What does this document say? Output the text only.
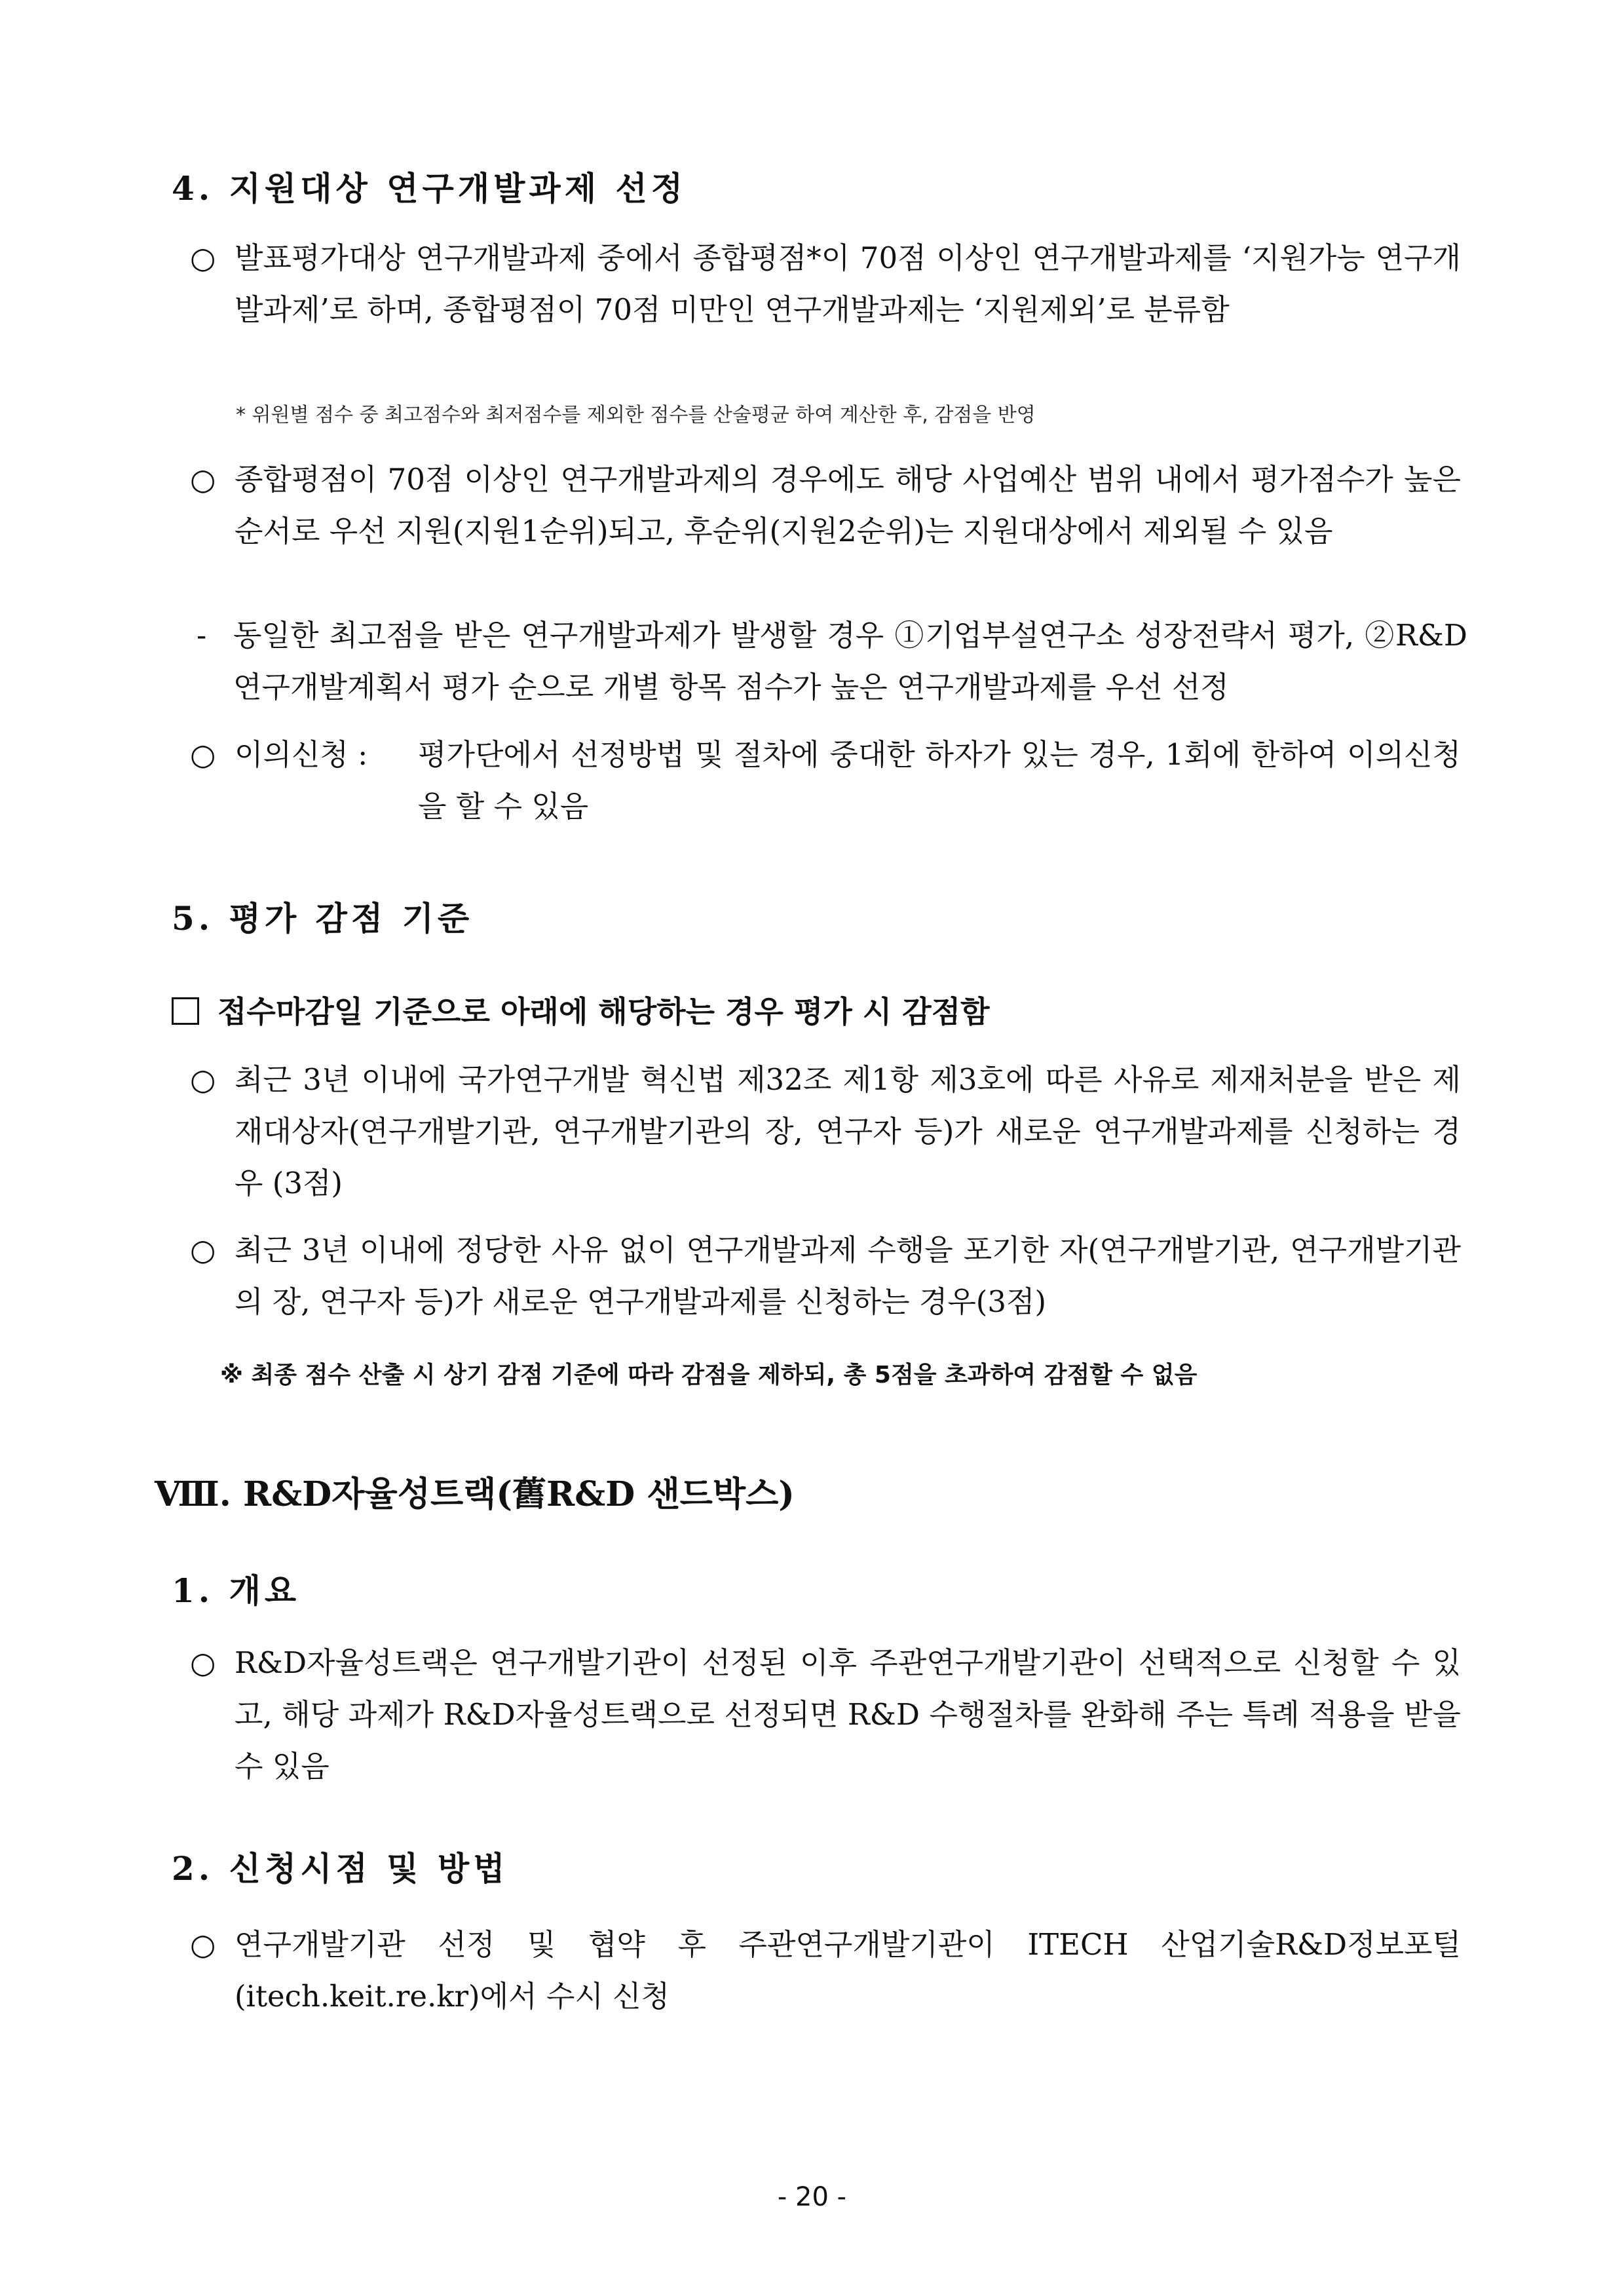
4. 지원대상 연구개발과제 선정
○ 발표평가대상 연구개발과제 중에서 종합평점*이 70점 이상인 연구개발과제를 ‘지원가능 연구개발과제’로 하며, 종합평점이 70점 미만인 연구개발과제는 ‘지원제외’로 분류함
* 위원별 점수 중 최고점수와 최저점수를 제외한 점수를 산술평균 하여 계산한 후, 감점을 반영
○ 종합평점이 70점 이상인 연구개발과제의 경우에도 해당 사업예산 범위 내에서 평가점수가 높은 순서로 우선 지원(지원1순위)되고, 후순위(지원2순위)는 지원대상에서 제외될 수 있음
- 동일한 최고점을 받은 연구개발과제가 발생할 경우 ①기업부설연구소 성장전략서 평가, ②R&D 연구개발계획서 평가 순으로 개별 항목 점수가 높은 연구개발과제를 우선 선정
○ 이의신청 : 평가단에서 선정방법 및 절차에 중대한 하자가 있는 경우, 1회에 한하여 이의신청을 할 수 있음
5. 평가 감점 기준
접수마감일 기준으로 아래에 해당하는 경우 평가 시 감점함
○ 최근 3년 이내에 국가연구개발 혁신법 제32조 제1항 제3호에 따른 사유로 제재처분을 받은 제재대상자(연구개발기관, 연구개발기관의 장, 연구자 등)가 새로운 연구개발과제를 신청하는 경우 (3점)
○ 최근 3년 이내에 정당한 사유 없이 연구개발과제 수행을 포기한 자(연구개발기관, 연구개발기관의 장, 연구자 등)가 새로운 연구개발과제를 신청하는 경우(3점)
※ 최종 점수 산출 시 상기 감점 기준에 따라 감점을 제하되, 총 5점을 초과하여 감점할 수 없음
Ⅷ. R&D자율성트랙(舊R&D 샌드박스)
1. 개요
○ R&D자율성트랙은 연구개발기관이 선정된 이후 주관연구개발기관이 선택적으로 신청할 수 있고, 해당 과제가 R&D자율성트랙으로 선정되면 R&D 수행절차를 완화해 주는 특례 적용을 받을 수 있음
2. 신청시점 및 방법
○ 연구개발기관 선정 및 협약 후 주관연구개발기관이 ITECH 산업기술R&D정보포털(itech.keit.re.kr)에서 수시 신청
- 20 -
